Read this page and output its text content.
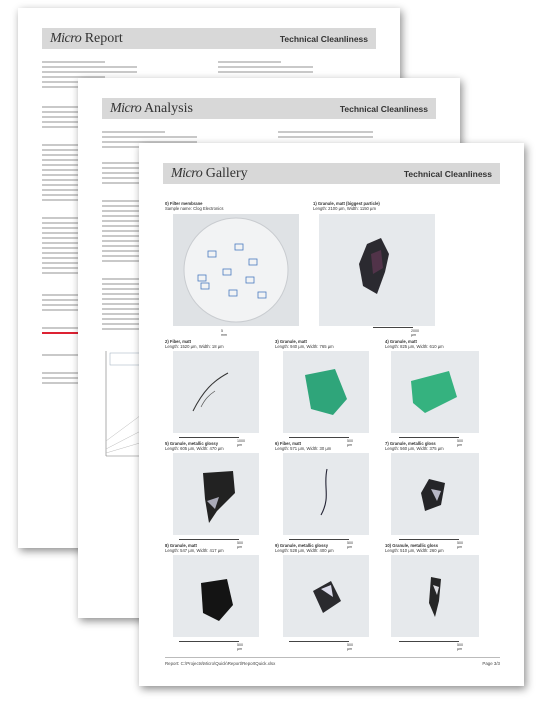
Micro Report	Technical Cleanliness
Micro Analysis	Technical Cleanliness
Micro Gallery	Technical Cleanliness
0) Filter membrane
Sample name: Clog Electronics
5 mm
1) Granule, matt (biggest particle)
Length: 2100 µm, Width: 1150 µm
2000 µm
2) Fiber, matt
Length: 1520 µm, Width: 18 µm
1000 µm
3) Granule, matt
Length: 940 µm, Width: 765 µm
500 µm
4) Granule, matt
Length: 825 µm, Width: 610 µm
500 µm
5) Granule, metallic glossy
Length: 605 µm, Width: 470 µm
500 µm
6) Fiber, matt
Length: 571 µm, Width: 30 µm
500 µm
7) Granule, metallic gloss
Length: 560 µm, Width: 375 µm
500 µm
8) Granule, matt
Length: 547 µm, Width: 417 µm
500 µm
9) Granule, metallic glossy
Length: 528 µm, Width: 400 µm
500 µm
10) Granule, metallic gloss
Length: 510 µm, Width: 260 µm
500 µm
Report: C:\Projects\Micro\Quick\Report\ReportQuick.xlsx	Page 3/3
